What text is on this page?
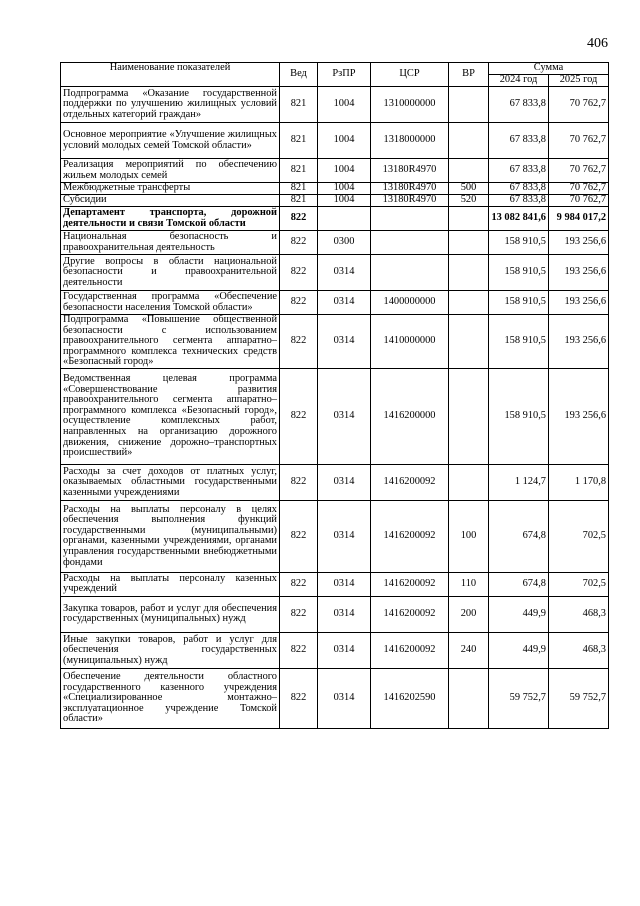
406
Наименование показателей	Вед	РзПР	ЦСР	ВР	Сумма	
					2024 год	2025 год
Подпрограмма «Оказание государственной поддержки по улучшению жилищных условий отдельных категорий граждан»	821	1004	1310000000		67 833,8	70 762,7
Основное мероприятие «Улучшение жилищных условий молодых семей Томской области»	821	1004	1318000000		67 833,8	70 762,7
Реализация мероприятий по обеспечению жильем молодых семей	821	1004	13180R4970		67 833,8	70 762,7
Межбюджетные трансферты	821	1004	13180R4970	500	67 833,8	70 762,7
Субсидии	821	1004	13180R4970	520	67 833,8	70 762,7
Департамент транспорта, дорожной деятельности и связи Томской области	822				13 082 841,6	9 984 017,2
Национальная безопасность и правоохранительная деятельность	822	0300			158 910,5	193 256,6
Другие вопросы в области национальной безопасности и правоохранительной деятельности	822	0314			158 910,5	193 256,6
Государственная программа «Обеспечение безопасности населения Томской области»	822	0314	1400000000		158 910,5	193 256,6
Подпрограмма «Повышение общественной безопасности с использованием правоохранительного сегмента аппаратно–программного комплекса технических средств «Безопасный город»	822	0314	1410000000		158 910,5	193 256,6
Ведомственная целевая программа «Совершенствование развития правоохранительного сегмента аппаратно–программного комплекса «Безопасный город», осуществление комплексных работ, направленных на организацию дорожного движения, снижение дорожно–транспортных происшествий»	822	0314	1416200000		158 910,5	193 256,6
Расходы за счет доходов от платных услуг, оказываемых областными государственными казенными учреждениями	822	0314	1416200092		1 124,7	1 170,8
Расходы на выплаты персоналу в целях обеспечения выполнения функций государственными (муниципальными) органами, казенными учреждениями, органами управления государственными внебюджетными фондами	822	0314	1416200092	100	674,8	702,5
Расходы на выплаты персоналу казенных учреждений	822	0314	1416200092	110	674,8	702,5
Закупка товаров, работ и услуг для обеспечения государственных (муниципальных) нужд	822	0314	1416200092	200	449,9	468,3
Иные закупки товаров, работ и услуг для обеспечения государственных (муниципальных) нужд	822	0314	1416200092	240	449,9	468,3
Обеспечение деятельности областного государственного казенного учреждения «Специализированное монтажно–эксплуатационное учреждение Томской области»	822	0314	1416202590		59 752,7	59 752,7
